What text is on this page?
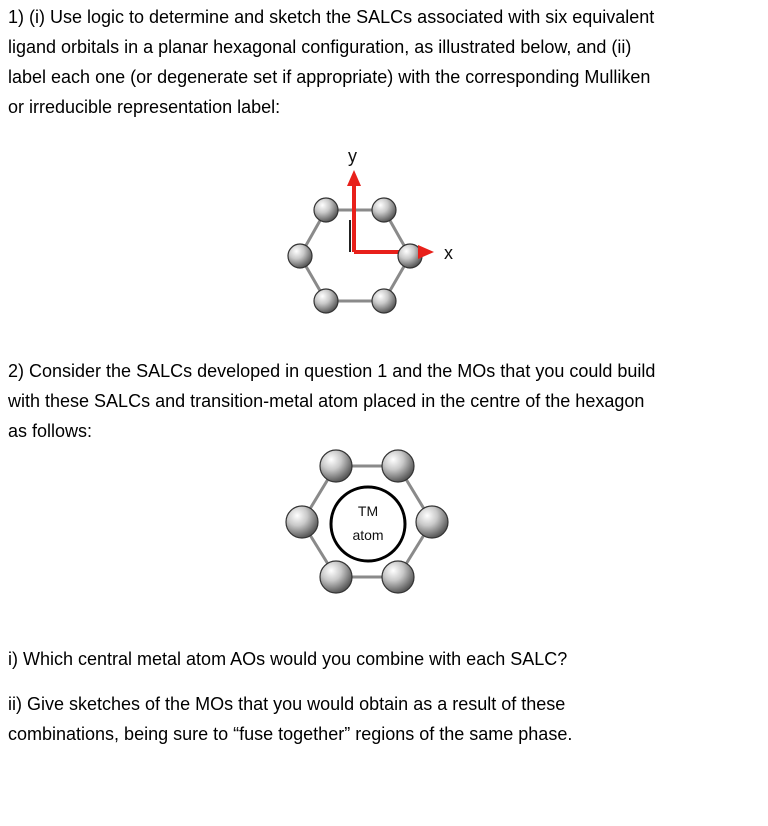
1) (i) Use logic to determine and sketch the SALCs associated with six equivalent
ligand orbitals in a planar hexagonal configuration, as illustrated below, and (ii)
label each one (or degenerate set if appropriate) with the corresponding Mulliken
or irreducible representation label:
y
x
2) Consider the SALCs developed in question 1 and the MOs that you could build
with these SALCs and transition-metal atom placed in the centre of the hexagon
as follows:
TM
atom
i) Which central metal atom AOs would you combine with each SALC?
ii) Give sketches of the MOs that you would obtain as a result of these
combinations, being sure to “fuse together” regions of the same phase.
